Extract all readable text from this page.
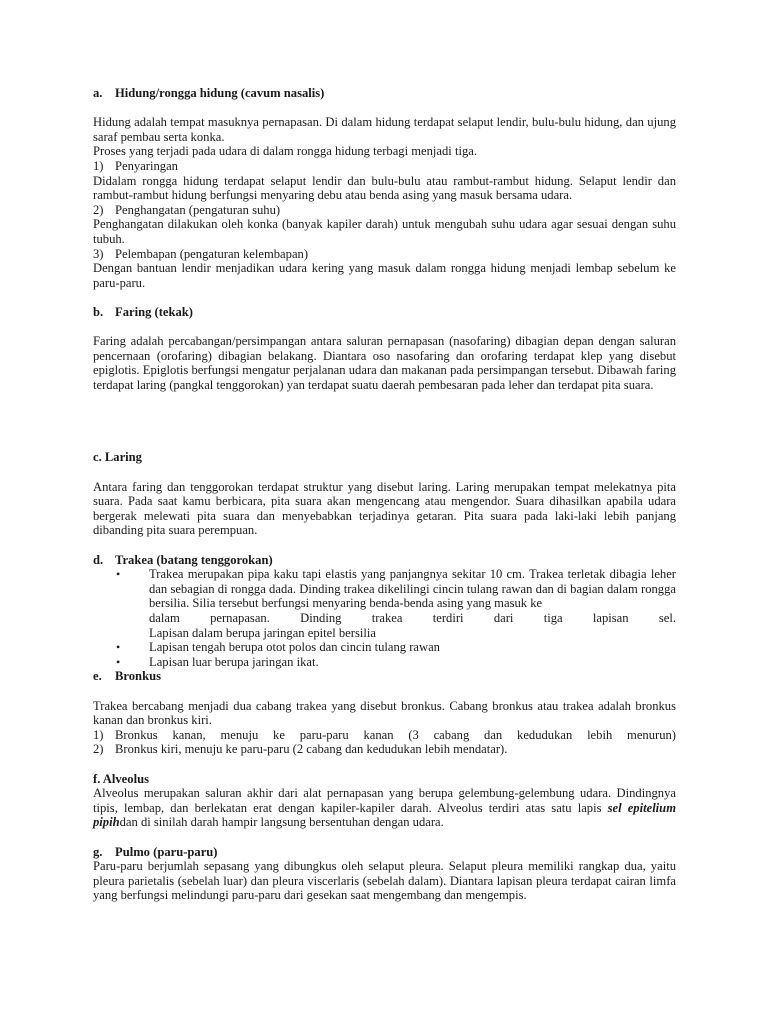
a. Hidung/rongga hidung (cavum nasalis)

Hidung adalah tempat masuknya pernapasan. Di dalam hidung terdapat selaput lendir, bulu-bulu hidung, dan ujung saraf pembau serta konka.

Proses yang terjadi pada udara di dalam rongga hidung terbagi menjadi tiga.

1) Penyaringan

Didalam rongga hidung terdapat selaput lendir dan bulu-bulu atau rambut-rambut hidung. Selaput lendir dan rambut-rambut hidung berfungsi menyaring debu atau benda asing yang masuk bersama udara.

2) Penghangatan (pengaturan suhu)

Penghangatan dilakukan oleh konka (banyak kapiler darah) untuk mengubah suhu udara agar sesuai dengan suhu tubuh.

3) Pelembapan (pengaturan kelembapan)

Dengan bantuan lendir menjadikan udara kering yang masuk dalam rongga hidung menjadi lembap sebelum ke paru-paru.

b. Faring (tekak)

Faring adalah percabangan/persimpangan antara saluran pernapasan (nasofaring) dibagian depan dengan saluran pencernaan (orofaring) dibagian belakang. Diantara oso nasofaring dan orofaring terdapat klep yang disebut epiglotis. Epiglotis berfungsi mengatur perjalanan udara dan makanan pada persimpangan tersebut. Dibawah faring terdapat laring (pangkal tenggorokan) yan terdapat suatu daerah pembesaran pada leher dan terdapat pita suara.

c. Laring

Antara faring dan tenggorokan terdapat struktur yang disebut laring. Laring merupakan tempat melekatnya pita suara. Pada saat kamu berbicara, pita suara akan mengencang atau mengendor. Suara dihasilkan apabila udara bergerak melewati pita suara dan menyebabkan terjadinya getaran. Pita suara pada laki-laki lebih panjang dibanding pita suara perempuan.

d. Trakea (batang tenggorokan)

• Trakea merupakan pipa kaku tapi elastis yang panjangnya sekitar 10 cm. Trakea terletak dibagia leher dan sebagian di rongga dada. Dinding trakea dikelilingi cincin tulang rawan dan di bagian dalam rongga bersilia. Silia tersebut berfungsi menyaring benda-benda asing yang masuk ke
dalam pernapasan. Dinding trakea terdiri dari tiga lapisan sel.
Lapisan dalam berupa jaringan epitel bersilia
• Lapisan tengah berupa otot polos dan cincin tulang rawan
• Lapisan luar berupa jaringan ikat.

e. Bronkus

Trakea bercabang menjadi dua cabang trakea yang disebut bronkus. Cabang bronkus atau trakea adalah bronkus kanan dan bronkus kiri.

1) Bronkus kanan, menuju ke paru-paru kanan (3 cabang dan kedudukan lebih menurun)

2) Bronkus kiri, menuju ke paru-paru (2 cabang dan kedudukan lebih mendatar).

f. Alveolus

Alveolus merupakan saluran akhir dari alat pernapasan yang berupa gelembung-gelembung udara. Dindingnya tipis, lembap, dan berlekatan erat dengan kapiler-kapiler darah. Alveolus terdiri atas satu lapis sel epitelium pipihdan di sinilah darah hampir langsung bersentuhan dengan udara.

g. Pulmo (paru-paru)

Paru-paru berjumlah sepasang yang dibungkus oleh selaput pleura. Selaput pleura memiliki rangkap dua, yaitu pleura parietalis (sebelah luar) dan pleura viscerlaris (sebelah dalam). Diantara lapisan pleura terdapat cairan limfa yang berfungsi melindungi paru-paru dari gesekan saat mengembang dan mengempis.
